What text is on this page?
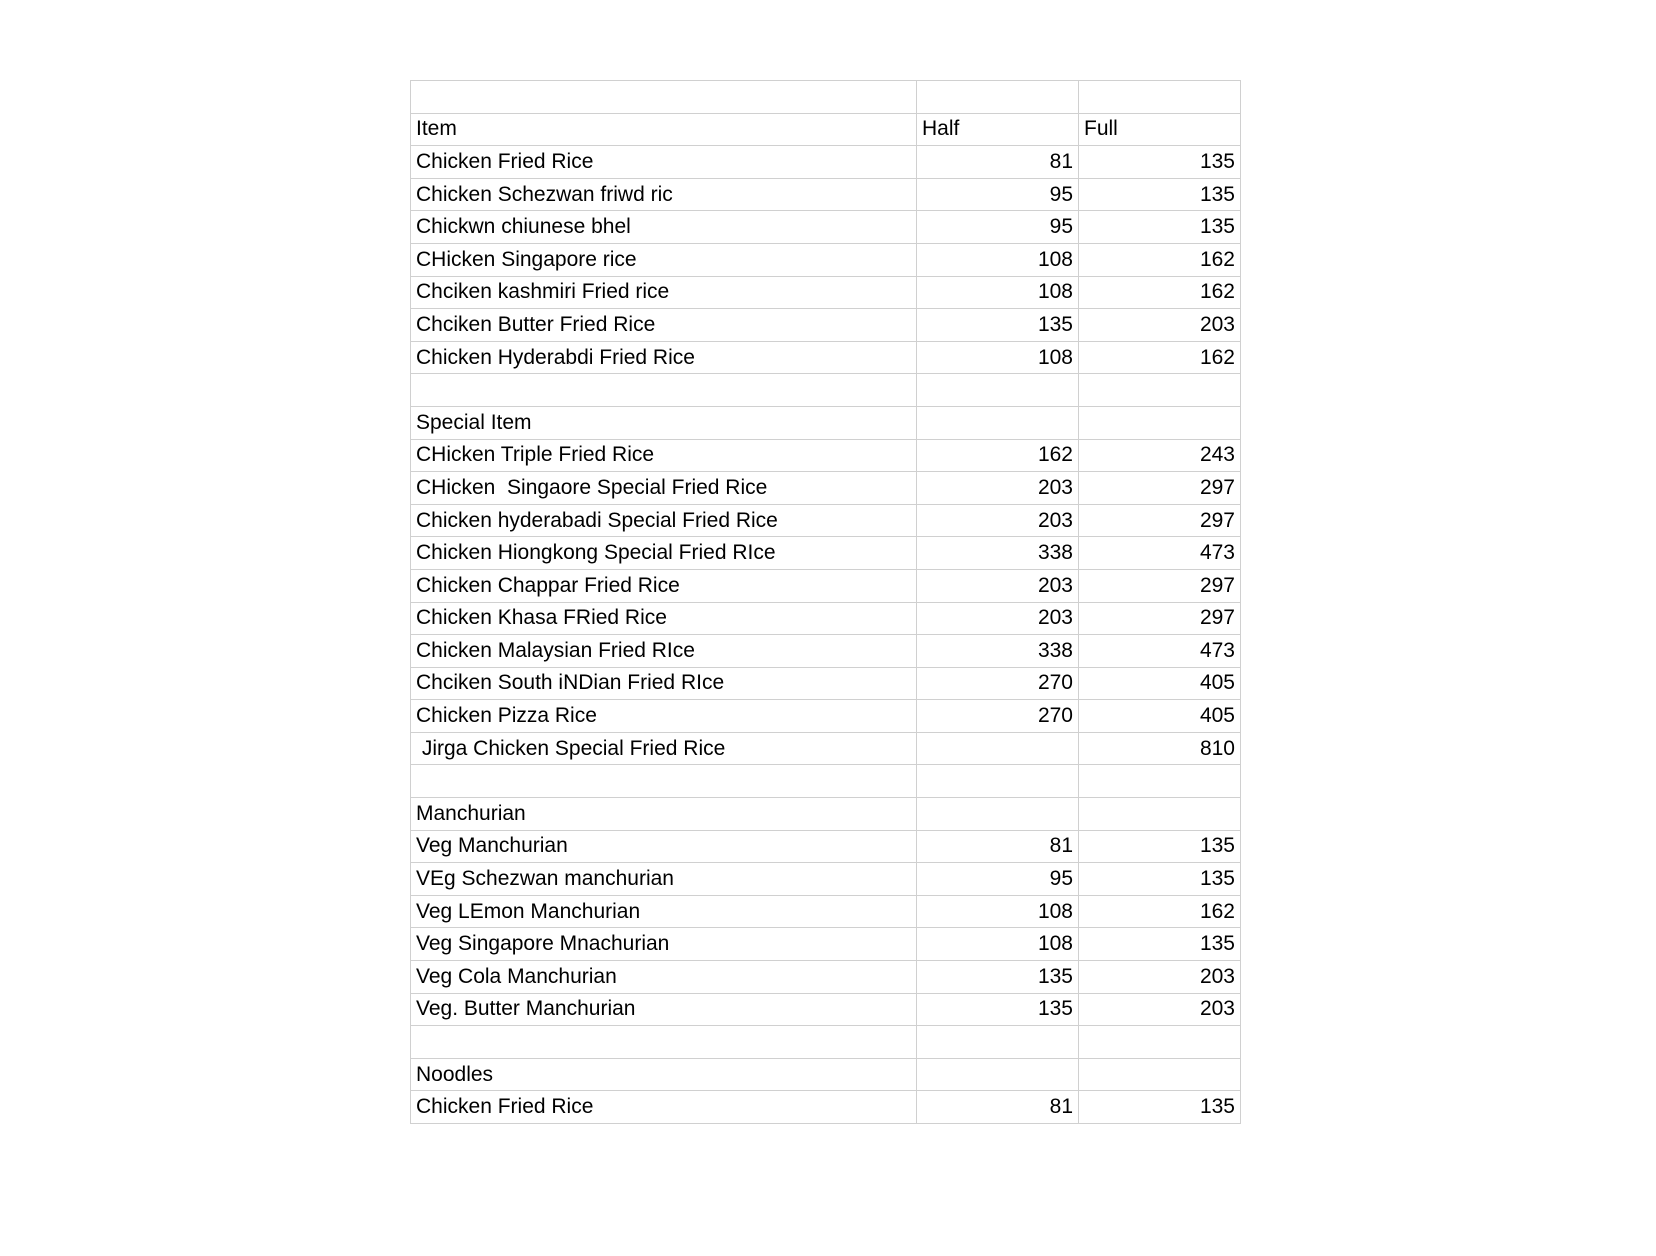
Item	Half	Full
Chicken Fried Rice	81	135
Chicken Schezwan friwd ric	95	135
Chickwn chiunese bhel	95	135
CHicken Singapore rice	108	162
Chciken kashmiri Fried rice	108	162
Chciken Butter Fried Rice	135	203
Chicken Hyderabdi Fried Rice	108	162

Special Item		
CHicken Triple Fried Rice	162	243
CHicken  Singaore Special Fried Rice	203	297
Chicken hyderabadi Special Fried Rice	203	297
Chicken Hiongkong Special Fried RIce	338	473
Chicken Chappar Fried Rice	203	297
Chicken Khasa FRied Rice	203	297
Chicken Malaysian Fried RIce	338	473
Chciken South iNDian Fried RIce	270	405
Chicken Pizza Rice	270	405
Jirga Chicken Special Fried Rice		810

Manchurian		
Veg Manchurian	81	135
VEg Schezwan manchurian	95	135
Veg LEmon Manchurian	108	162
Veg Singapore Mnachurian	108	135
Veg Cola Manchurian	135	203
Veg. Butter Manchurian	135	203

Noodles		
Chicken Fried Rice	81	135
